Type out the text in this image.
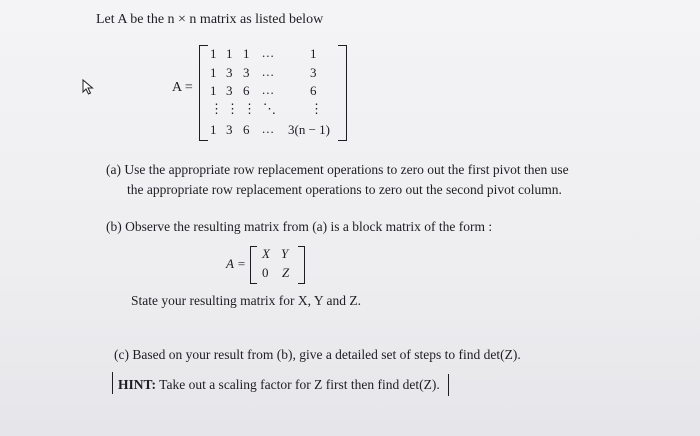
Let A be the n × n matrix as listed below
A =
1 1 1 ...	1
1 3 3 ...	3
1 3 6 ...	6
⋮ ⋮ ⋮ ⋱	⋮
1 3 6 ... 3(n − 1)
(a) Use the appropriate row replacement operations to zero out the first pivot then use
the appropriate row replacement operations to zero out the second pivot column.
(b) Observe the resulting matrix from (a) is a block matrix of the form :
A =
X Y
0 Z
State your resulting matrix for X, Y and Z.
(c) Based on your result from (b), give a detailed set of steps to find det(Z).
HINT: Take out a scaling factor for Z first then find det(Z).
